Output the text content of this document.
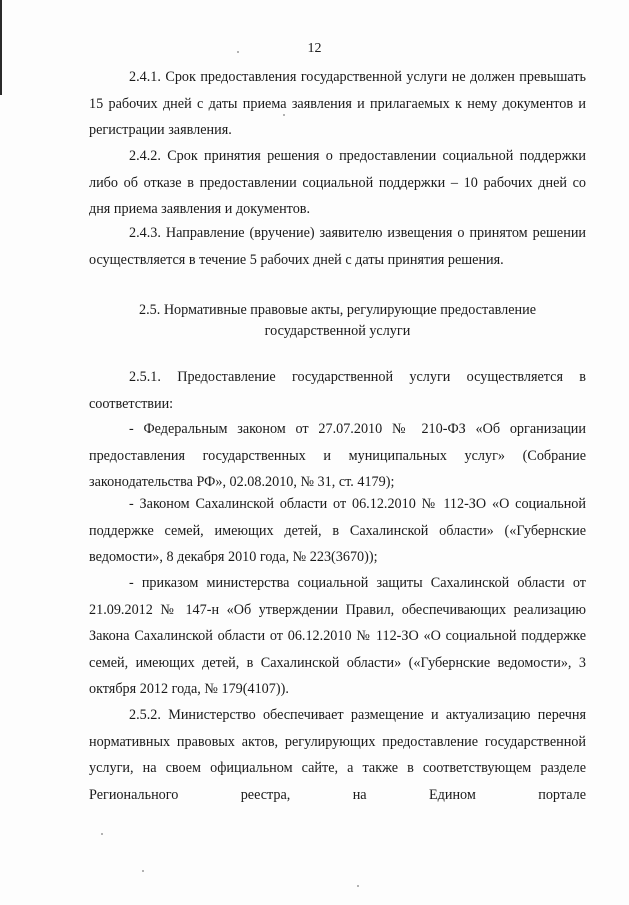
12

2.4.1. Срок предоставления государственной услуги не должен превышать 15 рабочих дней с даты приема заявления и прилагаемых к нему документов и регистрации заявления.

2.4.2. Срок принятия решения о предоставлении социальной поддержки либо об отказе в предоставлении социальной поддержки – 10 рабочих дней со дня приема заявления и документов.

2.4.3. Направление (вручение) заявителю извещения о принятом решении осуществляется в течение 5 рабочих дней с даты принятия решения.

2.5. Нормативные правовые акты, регулирующие предоставление государственной услуги

2.5.1. Предоставление государственной услуги осуществляется в соответствии:

- Федеральным законом от 27.07.2010 № 210-ФЗ «Об организации предоставления государственных и муниципальных услуг» (Собрание законодательства РФ», 02.08.2010, № 31, ст. 4179);

- Законом Сахалинской области от 06.12.2010 № 112-ЗО «О социальной поддержке семей, имеющих детей, в Сахалинской области» («Губернские ведомости», 8 декабря 2010 года, № 223(3670));

- приказом министерства социальной защиты Сахалинской области от 21.09.2012 № 147-н «Об утверждении Правил, обеспечивающих реализацию Закона Сахалинской области от 06.12.2010 № 112-ЗО «О социальной поддержке семей, имеющих детей, в Сахалинской области» («Губернские ведомости», 3 октября 2012 года, № 179(4107)).

2.5.2. Министерство обеспечивает размещение и актуализацию перечня нормативных правовых актов, регулирующих предоставление государственной услуги, на своем официальном сайте, а также в соответствующем разделе Регионального реестра, на Едином портале
